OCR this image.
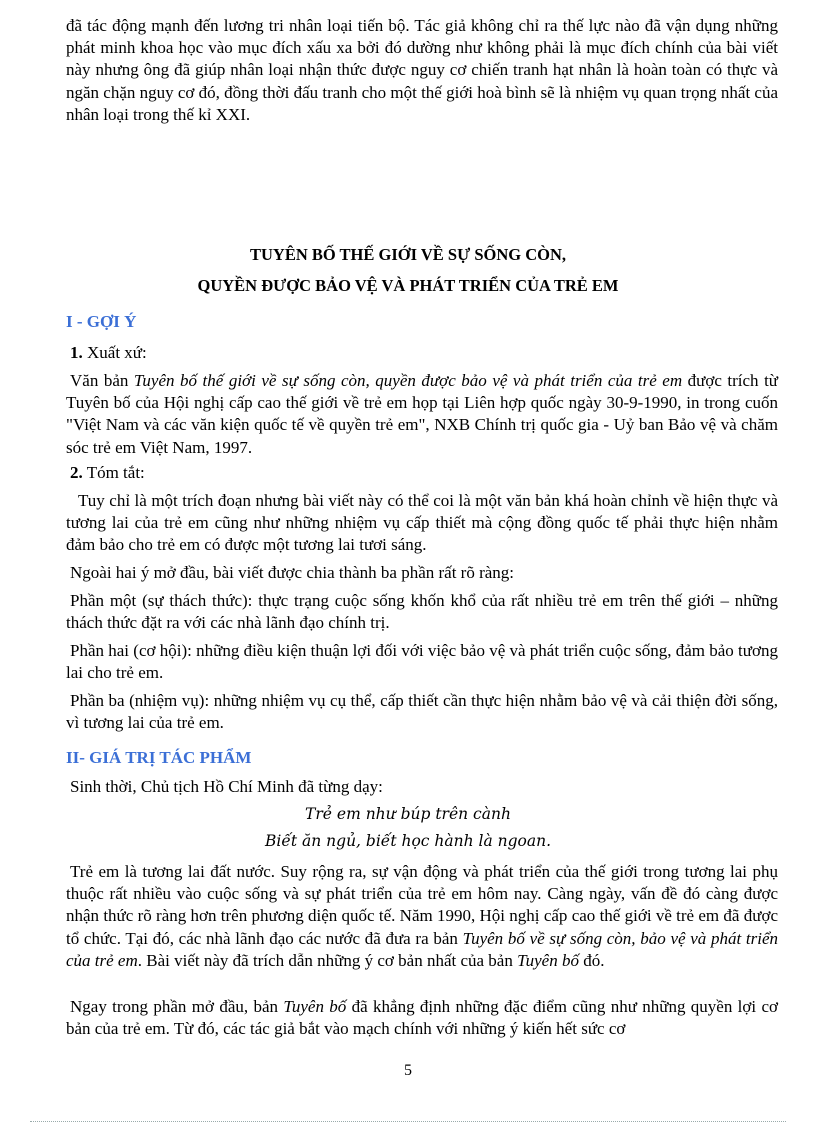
đã tác động mạnh đến lương tri nhân loại tiến bộ. Tác giả không chỉ ra thế lực nào đã vận dụng những phát minh khoa học vào mục đích xấu xa bởi đó dường như không phải là mục đích chính của bài viết này nhưng ông đã giúp nhân loại nhận thức được nguy cơ chiến tranh hạt nhân là hoàn toàn có thực và ngăn chặn nguy cơ đó, đồng thời đấu tranh cho một thế giới hoà bình sẽ là nhiệm vụ quan trọng nhất của nhân loại trong thế kỉ XXI.

TUYÊN BỐ THẾ GIỚI VỀ SỰ SỐNG CÒN,
QUYỀN ĐƯỢC BẢO VỆ VÀ PHÁT TRIỂN CỦA TRẺ EM
I - GỢI Ý
1. Xuất xứ:

Văn bản Tuyên bố thế giới về sự sống còn, quyền được bảo vệ và phát triển của trẻ em được trích từ Tuyên bố của Hội nghị cấp cao thế giới về trẻ em họp tại Liên hợp quốc ngày 30-9-1990, in trong cuốn "Việt Nam và các văn kiện quốc tế về quyền trẻ em", NXB Chính trị quốc gia - Uỷ ban Bảo vệ và chăm sóc trẻ em Việt Nam, 1997.

2. Tóm tắt:

Tuy chỉ là một trích đoạn nhưng bài viết này có thể coi là một văn bản khá hoàn chỉnh về hiện thực và tương lai của trẻ em cũng như những nhiệm vụ cấp thiết mà cộng đồng quốc tế phải thực hiện nhằm đảm bảo cho trẻ em có được một tương lai tươi sáng.

Ngoài hai ý mở đầu, bài viết được chia thành ba phần rất rõ ràng:

Phần một (sự thách thức): thực trạng cuộc sống khốn khổ của rất nhiều trẻ em trên thế giới – những thách thức đặt ra với các nhà lãnh đạo chính trị.

Phần hai (cơ hội): những điều kiện thuận lợi đối với việc bảo vệ và phát triển cuộc sống, đảm bảo tương lai cho trẻ em.

Phần ba (nhiệm vụ): những nhiệm vụ cụ thể, cấp thiết cần thực hiện nhằm bảo vệ và cải thiện đời sống, vì tương lai của trẻ em.

II- GIÁ TRỊ TÁC PHẨM

Sinh thời, Chủ tịch Hồ Chí Minh đã từng dạy:

Trẻ em như búp trên cành
Biết ăn ngủ, biết học hành là ngoan.

Trẻ em là tương lai đất nước. Suy rộng ra, sự vận động và phát triển của thế giới trong tương lai phụ thuộc rất nhiều vào cuộc sống và sự phát triển của trẻ em hôm nay. Càng ngày, vấn đề đó càng được nhận thức rõ ràng hơn trên phương diện quốc tế. Năm 1990, Hội nghị cấp cao thế giới về trẻ em đã được tổ chức. Tại đó, các nhà lãnh đạo các nước đã đưa ra bản Tuyên bố về sự sống còn, bảo vệ và phát triển của trẻ em. Bài viết này đã trích dẫn những ý cơ bản nhất của bản Tuyên bố đó.

Ngay trong phần mở đầu, bản Tuyên bố đã khẳng định những đặc điểm cũng như những quyền lợi cơ bản của trẻ em. Từ đó, các tác giả bắt vào mạch chính với những ý kiến hết sức cơ

5
